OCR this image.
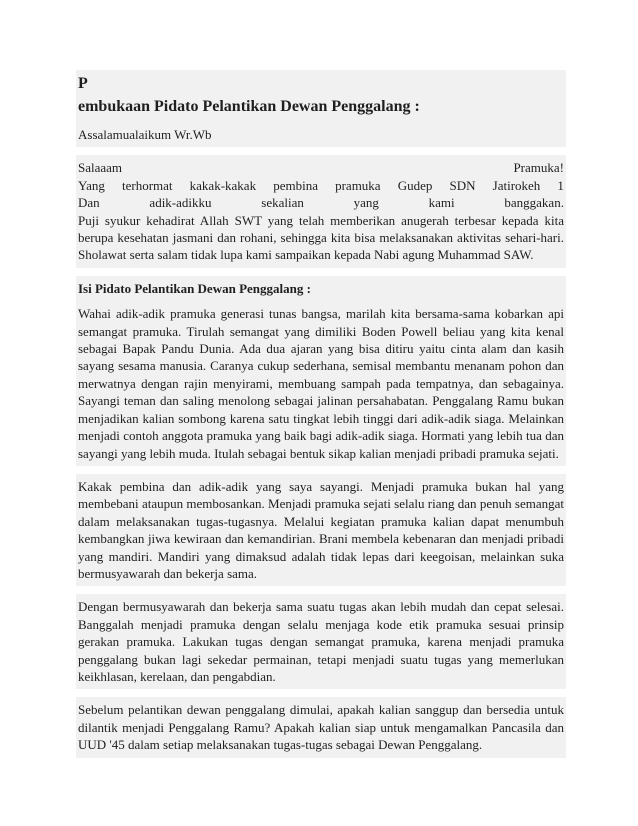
P
embukaan Pidato Pelantikan Dewan Penggalang :
Assalamualaikum Wr.Wb
Salaaam	Pramuka!
Yang terhormat kakak-kakak pembina pramuka Gudep SDN Jatirokeh 1
Dan	adik-adikku	sekalian	yang	kami	banggakan.

Puji syukur kehadirat Allah SWT yang telah memberikan anugerah terbesar kepada kita berupa kesehatan jasmani dan rohani, sehingga kita bisa melaksanakan aktivitas sehari-hari. Sholawat serta salam tidak lupa kami sampaikan kepada Nabi agung Muhammad SAW.

Isi Pidato Pelantikan Dewan Penggalang :

Wahai adik-adik pramuka generasi tunas bangsa, marilah kita bersama-sama kobarkan api semangat pramuka. Tirulah semangat yang dimiliki Boden Powell beliau yang kita kenal sebagai Bapak Pandu Dunia. Ada dua ajaran yang bisa ditiru yaitu cinta alam dan kasih sayang sesama manusia. Caranya cukup sederhana, semisal membantu menanam pohon dan merwatnya dengan rajin menyirami, membuang sampah pada tempatnya, dan sebagainya. Sayangi teman dan saling menolong sebagai jalinan persahabatan. Penggalang Ramu bukan menjadikan kalian sombong karena satu tingkat lebih tinggi dari adik-adik siaga. Melainkan menjadi contoh anggota pramuka yang baik bagi adik-adik siaga. Hormati yang lebih tua dan sayangi yang lebih muda. Itulah sebagai bentuk sikap kalian menjadi pribadi pramuka sejati.

Kakak pembina dan adik-adik yang saya sayangi. Menjadi pramuka bukan hal yang membebani ataupun membosankan. Menjadi pramuka sejati selalu riang dan penuh semangat dalam melaksanakan tugas-tugasnya. Melalui kegiatan pramuka kalian dapat menumbuh kembangkan jiwa kewiraan dan kemandirian. Brani membela kebenaran dan menjadi pribadi yang mandiri. Mandiri yang dimaksud adalah tidak lepas dari keegoisan, melainkan suka bermusyawarah dan bekerja sama.

Dengan bermusyawarah dan bekerja sama suatu tugas akan lebih mudah dan cepat selesai. Banggalah menjadi pramuka dengan selalu menjaga kode etik pramuka sesuai prinsip gerakan pramuka. Lakukan tugas dengan semangat pramuka, karena menjadi pramuka penggalang bukan lagi sekedar permainan, tetapi menjadi suatu tugas yang memerlukan keikhlasan, kerelaan, dan pengabdian.

Sebelum pelantikan dewan penggalang dimulai, apakah kalian sanggup dan bersedia untuk dilantik menjadi Penggalang Ramu? Apakah kalian siap untuk mengamalkan Pancasila dan UUD '45 dalam setiap melaksanakan tugas-tugas sebagai Dewan Penggalang.
